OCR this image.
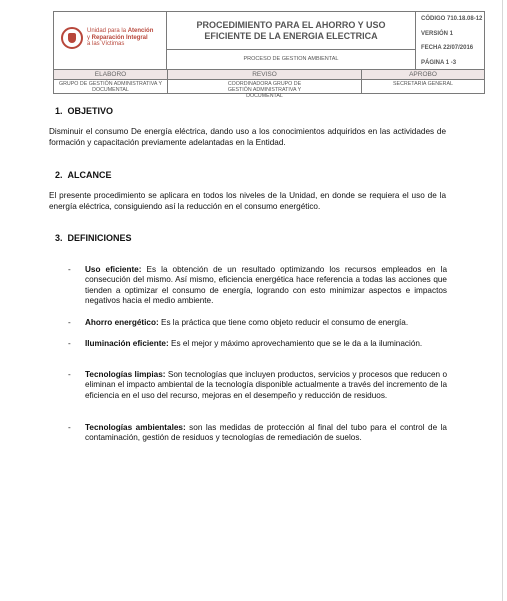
Unidad para la Atención
y Reparación Integral
a las Víctimas
PROCEDIMIENTO PARA EL AHORRO Y USO EFICIENTE DE LA ENERGIA ELECTRICA
PROCESO DE GESTION AMBIENTAL
CÓDIGO 710.18.08-12
VERSIÓN 1
FECHA 22/07/2016
PÁGINA 1 -3
ELABORO
GRUPO DE GESTIÓN ADMINISTRATIVA Y DOCUMENTAL
REVISO
COORDINADORA GRUPO DE GESTIÓN ADMINISTRATIVA Y DOCUMENTAL
APROBO
SECRETARIA GENERAL
1. OBJETIVO
Disminuir el consumo De energía eléctrica, dando uso a los conocimientos adquiridos en las actividades de formación y capacitación previamente adelantadas en la Entidad.
2. ALCANCE
El presente procedimiento se aplicara en todos los niveles de la Unidad, en donde se requiera el uso de la energía eléctrica, consiguiendo así la reducción en el consumo energético.
3. DEFINICIONES
- Uso eficiente: Es la obtención de un resultado optimizando los recursos empleados en la consecución del mismo. Así mismo, eficiencia energética hace referencia a todas las acciones que tienden a optimizar el consumo de energía, logrando con esto minimizar aspectos e impactos negativos hacia el medio ambiente.
- Ahorro energético: Es la práctica que tiene como objeto reducir el consumo de energía.
- Iluminación eficiente: Es el mejor y máximo aprovechamiento que se le da a la iluminación.
- Tecnologías limpias: Son tecnologías que incluyen productos, servicios y procesos que reducen o eliminan el impacto ambiental de la tecnología disponible actualmente a través del incremento de la eficiencia en el uso del recurso, mejoras en el desempeño y reducción de residuos.
- Tecnologías ambientales: son las medidas de protección al final del tubo para el control de la contaminación, gestión de residuos y tecnologías de remediación de suelos.
